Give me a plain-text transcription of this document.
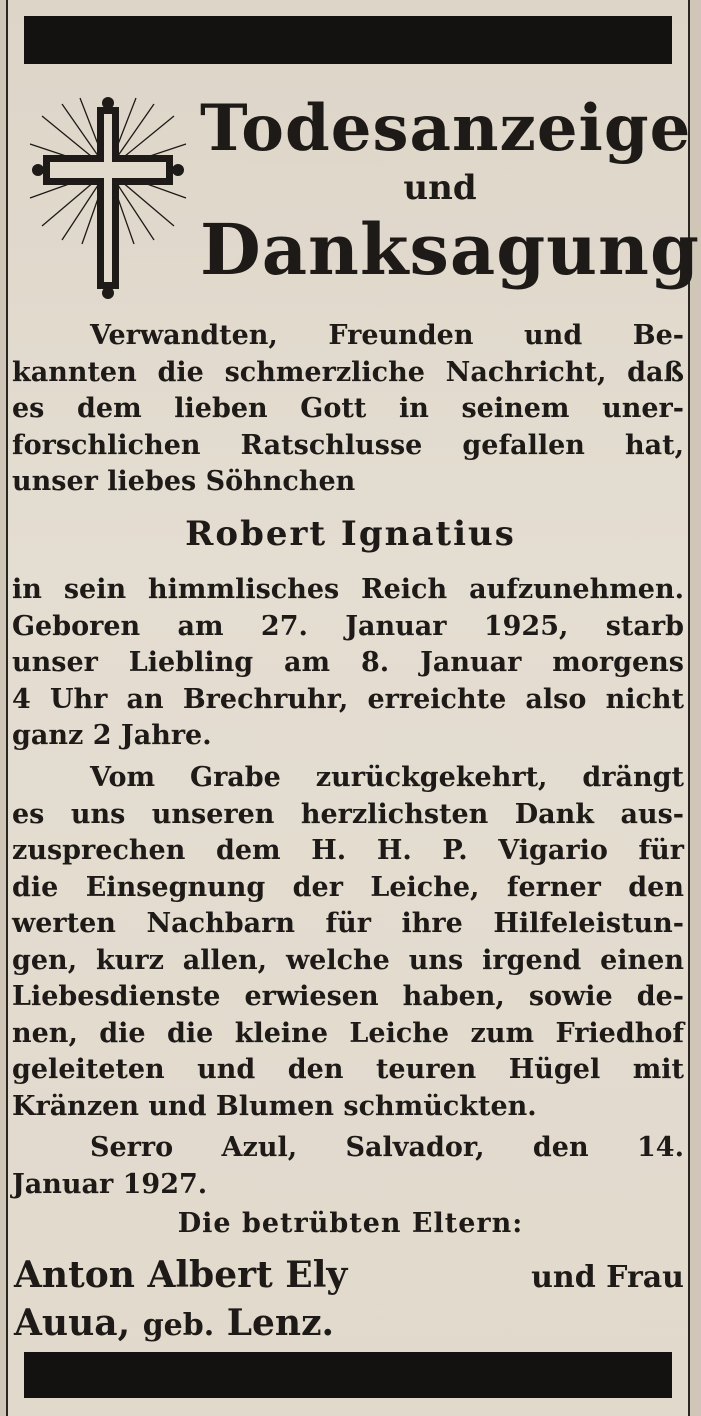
Todesanzeige
und
Danksagung
Verwandten, Freunden und Be-
kannten die schmerzliche Nachricht, daß
es dem lieben Gott in seinem uner-
forschlichen Ratschlusse gefallen hat,
unser liebes Söhnchen
Robert Ignatius
in sein himmlisches Reich aufzunehmen.
Geboren am 27. Januar 1925, starb
unser Liebling am 8. Januar morgens
4 Uhr an Brechruhr, erreichte also nicht
ganz 2 Jahre.
Vom Grabe zurückgekehrt, drängt
es uns unseren herzlichsten Dank aus-
zusprechen dem H. H. P. Vigario für
die Einsegnung der Leiche, ferner den
werten Nachbarn für ihre Hilfeleistun-
gen, kurz allen, welche uns irgend einen
Liebesdienste erwiesen haben, sowie de-
nen, die die kleine Leiche zum Friedhof
geleiteten und den teuren Hügel mit
Kränzen und Blumen schmückten.
Serro Azul, Salvador, den 14.
Januar 1927.
Die betrübten Eltern:
Anton Albert Ely	und Frau
Auua, geb. Lenz.
